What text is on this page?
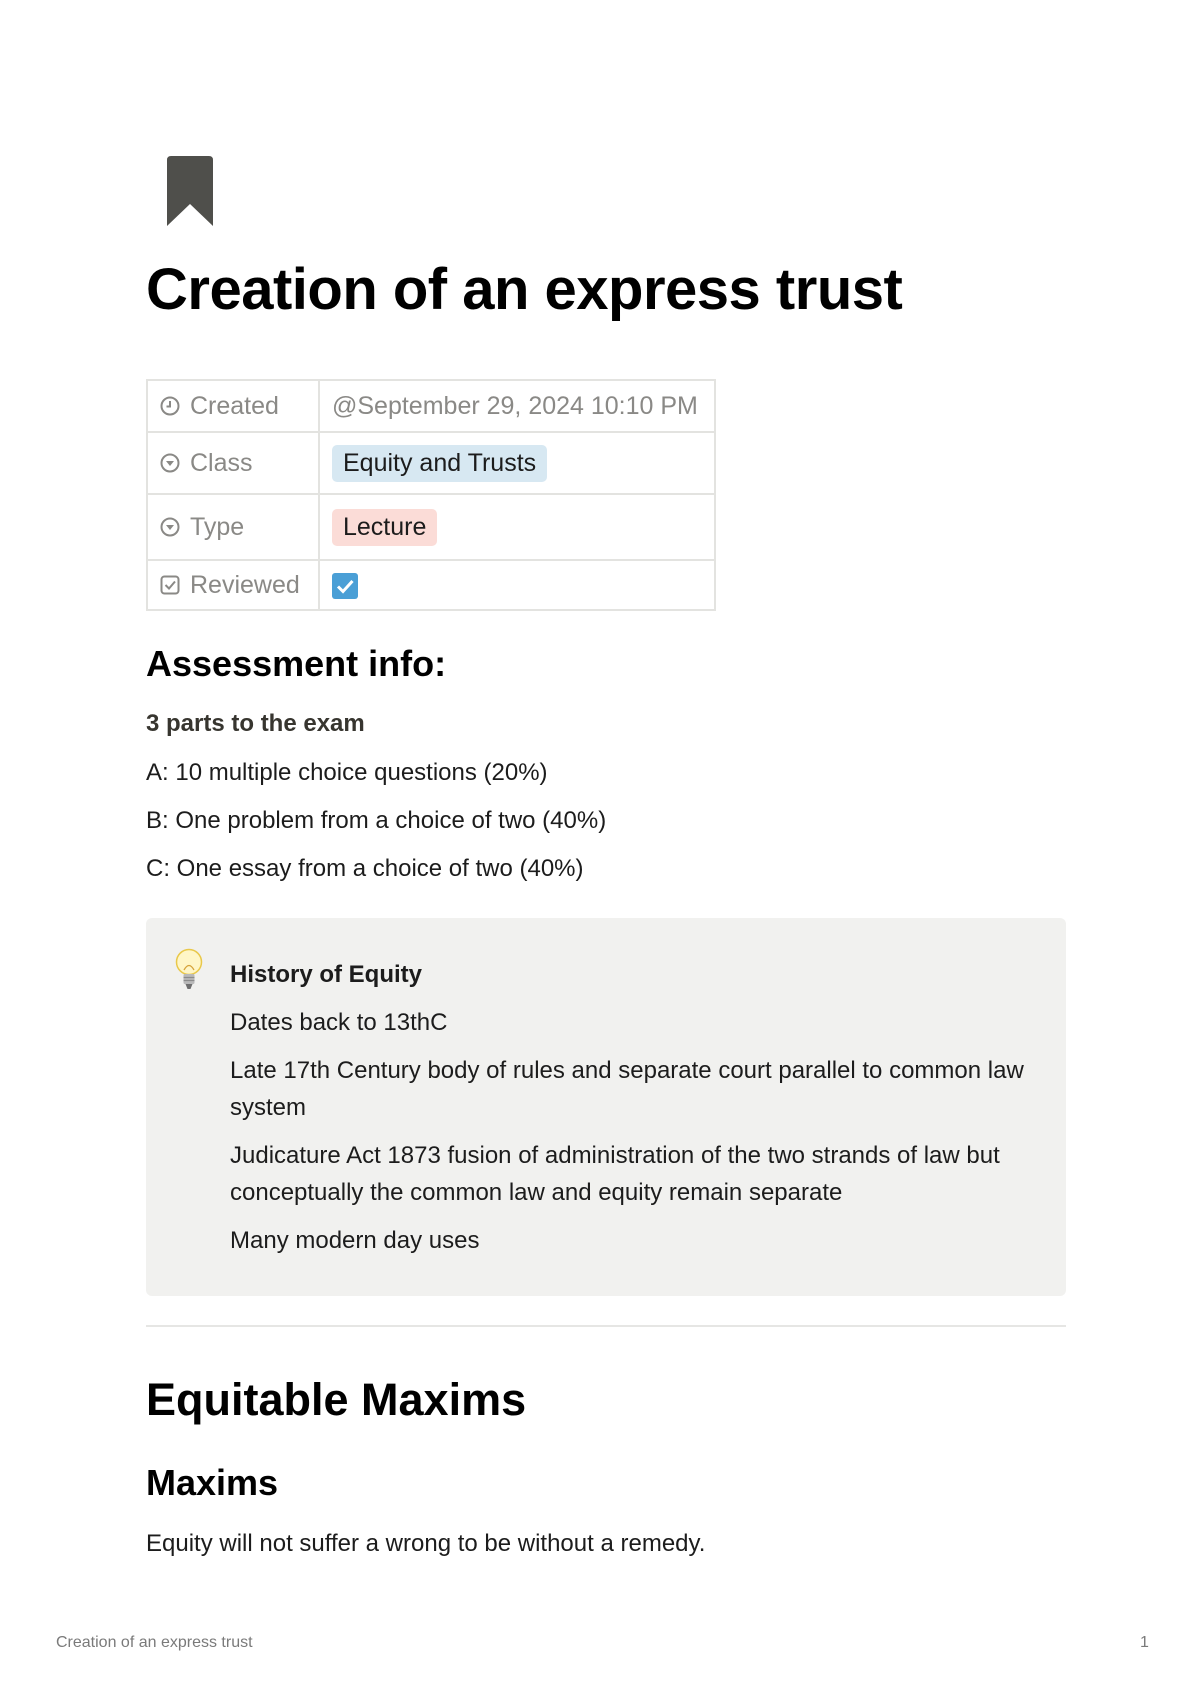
Creation of an express trust
Created	@September 29, 2024 10:10 PM
Class	Equity and Trusts
Type	Lecture
Reviewed	
Assessment info:

3 parts to the exam

A: 10 multiple choice questions (20%)

B: One problem from a choice of two (40%)

C: One essay from a choice of two (40%)

History of Equity

Dates back to 13thC

Late 17th Century body of rules and separate court parallel to common law system

Judicature Act 1873 fusion of administration of the two strands of law but conceptually the common law and equity remain separate

Many modern day uses

Equitable Maxims
Maxims

Equity will not suffer a wrong to be without a remedy.

Creation of an express trust	1
